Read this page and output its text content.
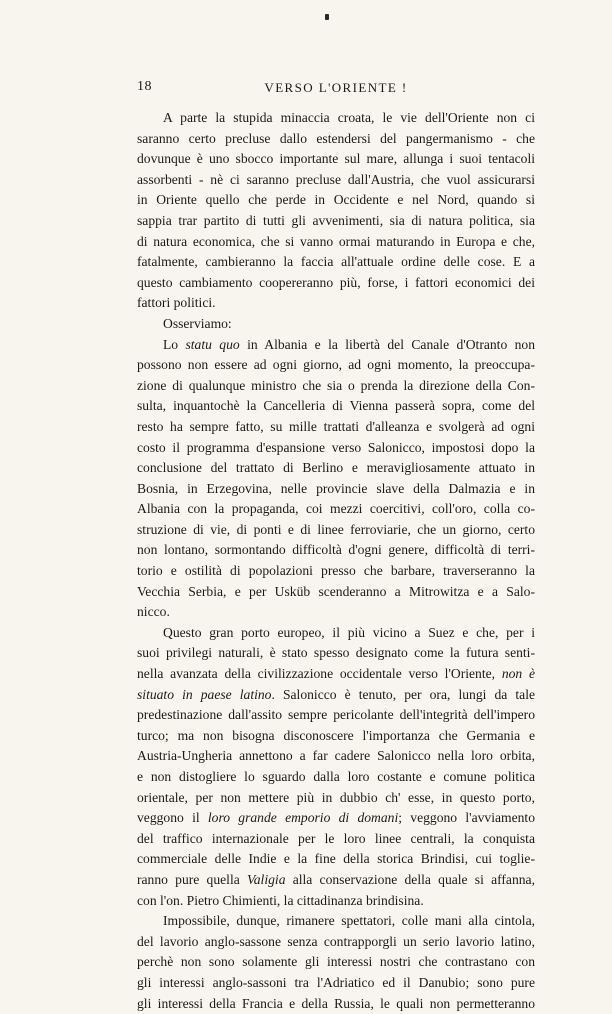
18	VERSO L'ORIENTE !
A parte la stupida minaccia croata, le vie dell'Oriente non ci
saranno certo precluse dallo estendersi del pangermanismo - che
dovunque è uno sbocco importante sul mare, allunga i suoi tentacoli
assorbenti - nè ci saranno precluse dall'Austria, che vuol assicurarsi
in Oriente quello che perde in Occidente e nel Nord, quando si
sappia trar partito di tutti gli avvenimenti, sia di natura politica, sia
di natura economica, che si vanno ormai maturando in Europa e che,
fatalmente, cambieranno la faccia all'attuale ordine delle cose. E a
questo cambiamento coopereranno più, forse, i fattori economici dei
fattori politici.
Osserviamo:
Lo statu quo in Albania e la libertà del Canale d'Otranto non
possono non essere ad ogni giorno, ad ogni momento, la preoccupa-
zione di qualunque ministro che sia o prenda la direzione della Con-
sulta, inquantochè la Cancelleria di Vienna passerà sopra, come del
resto ha sempre fatto, su mille trattati d'alleanza e svolgerà ad ogni
costo il programma d'espansione verso Salonicco, impostosi dopo la
conclusione del trattato di Berlino e meravigliosamente attuato in
Bosnia, in Erzegovina, nelle provincie slave della Dalmazia e in
Albania con la propaganda, coi mezzi coercitivi, coll'oro, colla co-
struzione di vie, di ponti e di linee ferroviarie, che un giorno, certo
non lontano, sormontando difficoltà d'ogni genere, difficoltà di terri-
torio e ostilità di popolazioni presso che barbare, traverseranno la
Vecchia Serbia, e per Usküb scenderanno a Mitrowitza e a Salo-
nicco.
Questo gran porto europeo, il più vicino a Suez e che, per i
suoi privilegi naturali, è stato spesso designato come la futura senti-
nella avanzata della civilizzazione occidentale verso l'Oriente, non è
situato in paese latino. Salonicco è tenuto, per ora, lungi da tale
predestinazione dall'assito sempre pericolante dell'integrità dell'impero
turco; ma non bisogna disconoscere l'importanza che Germania e
Austria-Ungheria annettono a far cadere Salonicco nella loro orbita,
e non distogliere lo sguardo dalla loro costante e comune politica
orientale, per non mettere più in dubbio ch' esse, in questo porto,
veggono il loro grande emporio di domani; veggono l'avviamento
del traffico internazionale per le loro linee centrali, la conquista
commerciale delle Indie e la fine della storica Brindisi, cui toglie-
ranno pure quella Valigia alla conservazione della quale si affanna,
con l'on. Pietro Chimienti, la cittadinanza brindisina.
Impossibile, dunque, rimanere spettatori, colle mani alla cintola,
del lavorio anglo-sassone senza contrapporgli un serio lavorio latino,
perchè non sono solamente gli interessi nostri che contrastano con
gli interessi anglo-sassoni tra l'Adriatico ed il Danubio; sono pure
gli interessi della Francia e della Russia, le quali non permetteranno
